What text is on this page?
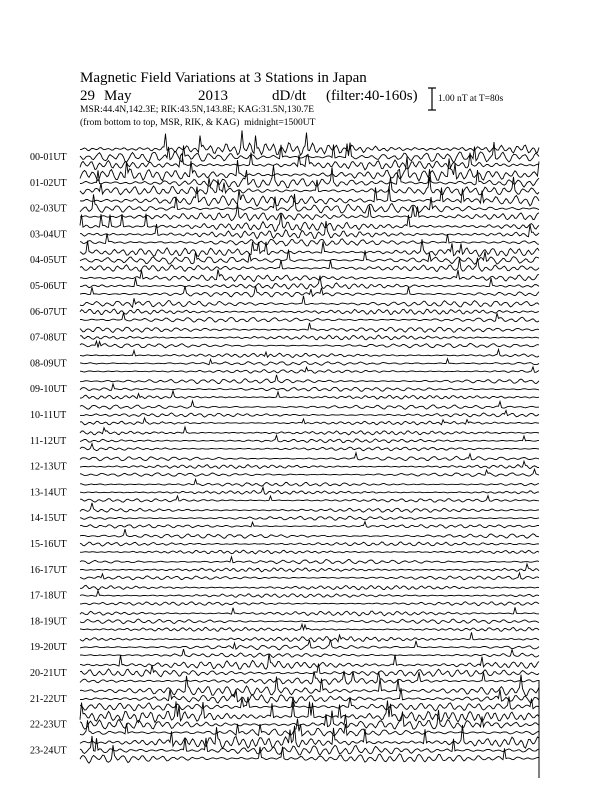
Magnetic Field Variations at 3 Stations in Japan
29 May	2013	dD/dt (filter:40-160s)
MSR:44.4N,142.3E; RIK:43.5N,143.8E; KAG:31.5N,130.7E
(from bottom to top, MSR, RIK, & KAG) midnight=1500UT
1.00 nT at T=80s
00-01UT
01-02UT
02-03UT
03-04UT
04-05UT
05-06UT
06-07UT
07-08UT
08-09UT
09-10UT
10-11UT
11-12UT
12-13UT
13-14UT
14-15UT
15-16UT
16-17UT
17-18UT
18-19UT
19-20UT
20-21UT
21-22UT
22-23UT
23-24UT
